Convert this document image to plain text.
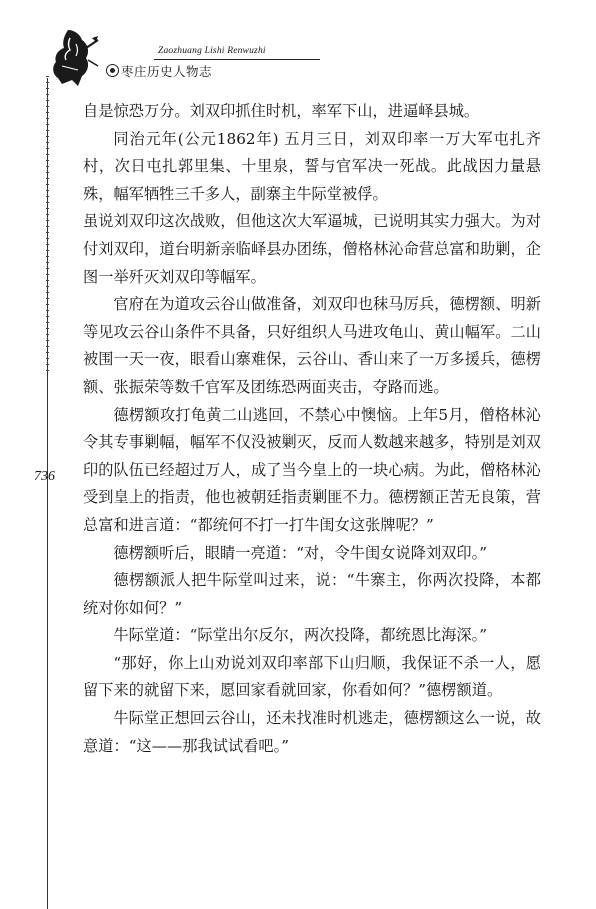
Zaozhuang Lishi Renwuzhi
枣庄历史人物志
736

自是惊恐万分。刘双印抓住时机，率军下山，进逼峄县城。

同治元年(公元1862年) 五月三日，刘双印率一万大军屯扎齐村，次日屯扎郭里集、十里泉，誓与官军决一死战。此战因力量悬殊，幅军牺牲三千多人，副寨主牛际堂被俘。

虽说刘双印这次战败，但他这次大军逼城，已说明其实力强大。为对付刘双印，道台明新亲临峄县办团练，僧格林沁命营总富和助剿，企图一举歼灭刘双印等幅军。

官府在为道攻云谷山做准备，刘双印也秣马厉兵，德楞额、明新等见攻云谷山条件不具备，只好组织人马进攻龟山、黄山幅军。二山被围一天一夜，眼看山寨难保，云谷山、香山来了一万多援兵，德楞额、张振荣等数千官军及团练恐两面夹击，夺路而逃。

德楞额攻打龟黄二山逃回，不禁心中懊恼。上年5月，僧格林沁令其专事剿幅，幅军不仅没被剿灭，反而人数越来越多，特别是刘双印的队伍已经超过万人，成了当今皇上的一块心病。为此，僧格林沁受到皇上的指责，他也被朝廷指责剿匪不力。德楞额正苦无良策，营总富和进言道：“都统何不打一打牛闺女这张牌呢？”

德楞额听后，眼睛一亮道：“对，令牛闺女说降刘双印。”

德楞额派人把牛际堂叫过来，说：“牛寨主，你两次投降，本都统对你如何？”

牛际堂道：“际堂出尔反尔，两次投降，都统恩比海深。”

“那好，你上山劝说刘双印率部下山归顺，我保证不杀一人，愿留下来的就留下来，愿回家看就回家，你看如何？”德楞额道。

牛际堂正想回云谷山，还未找准时机逃走，德楞额这么一说，故意道：“这——那我试试看吧。”
